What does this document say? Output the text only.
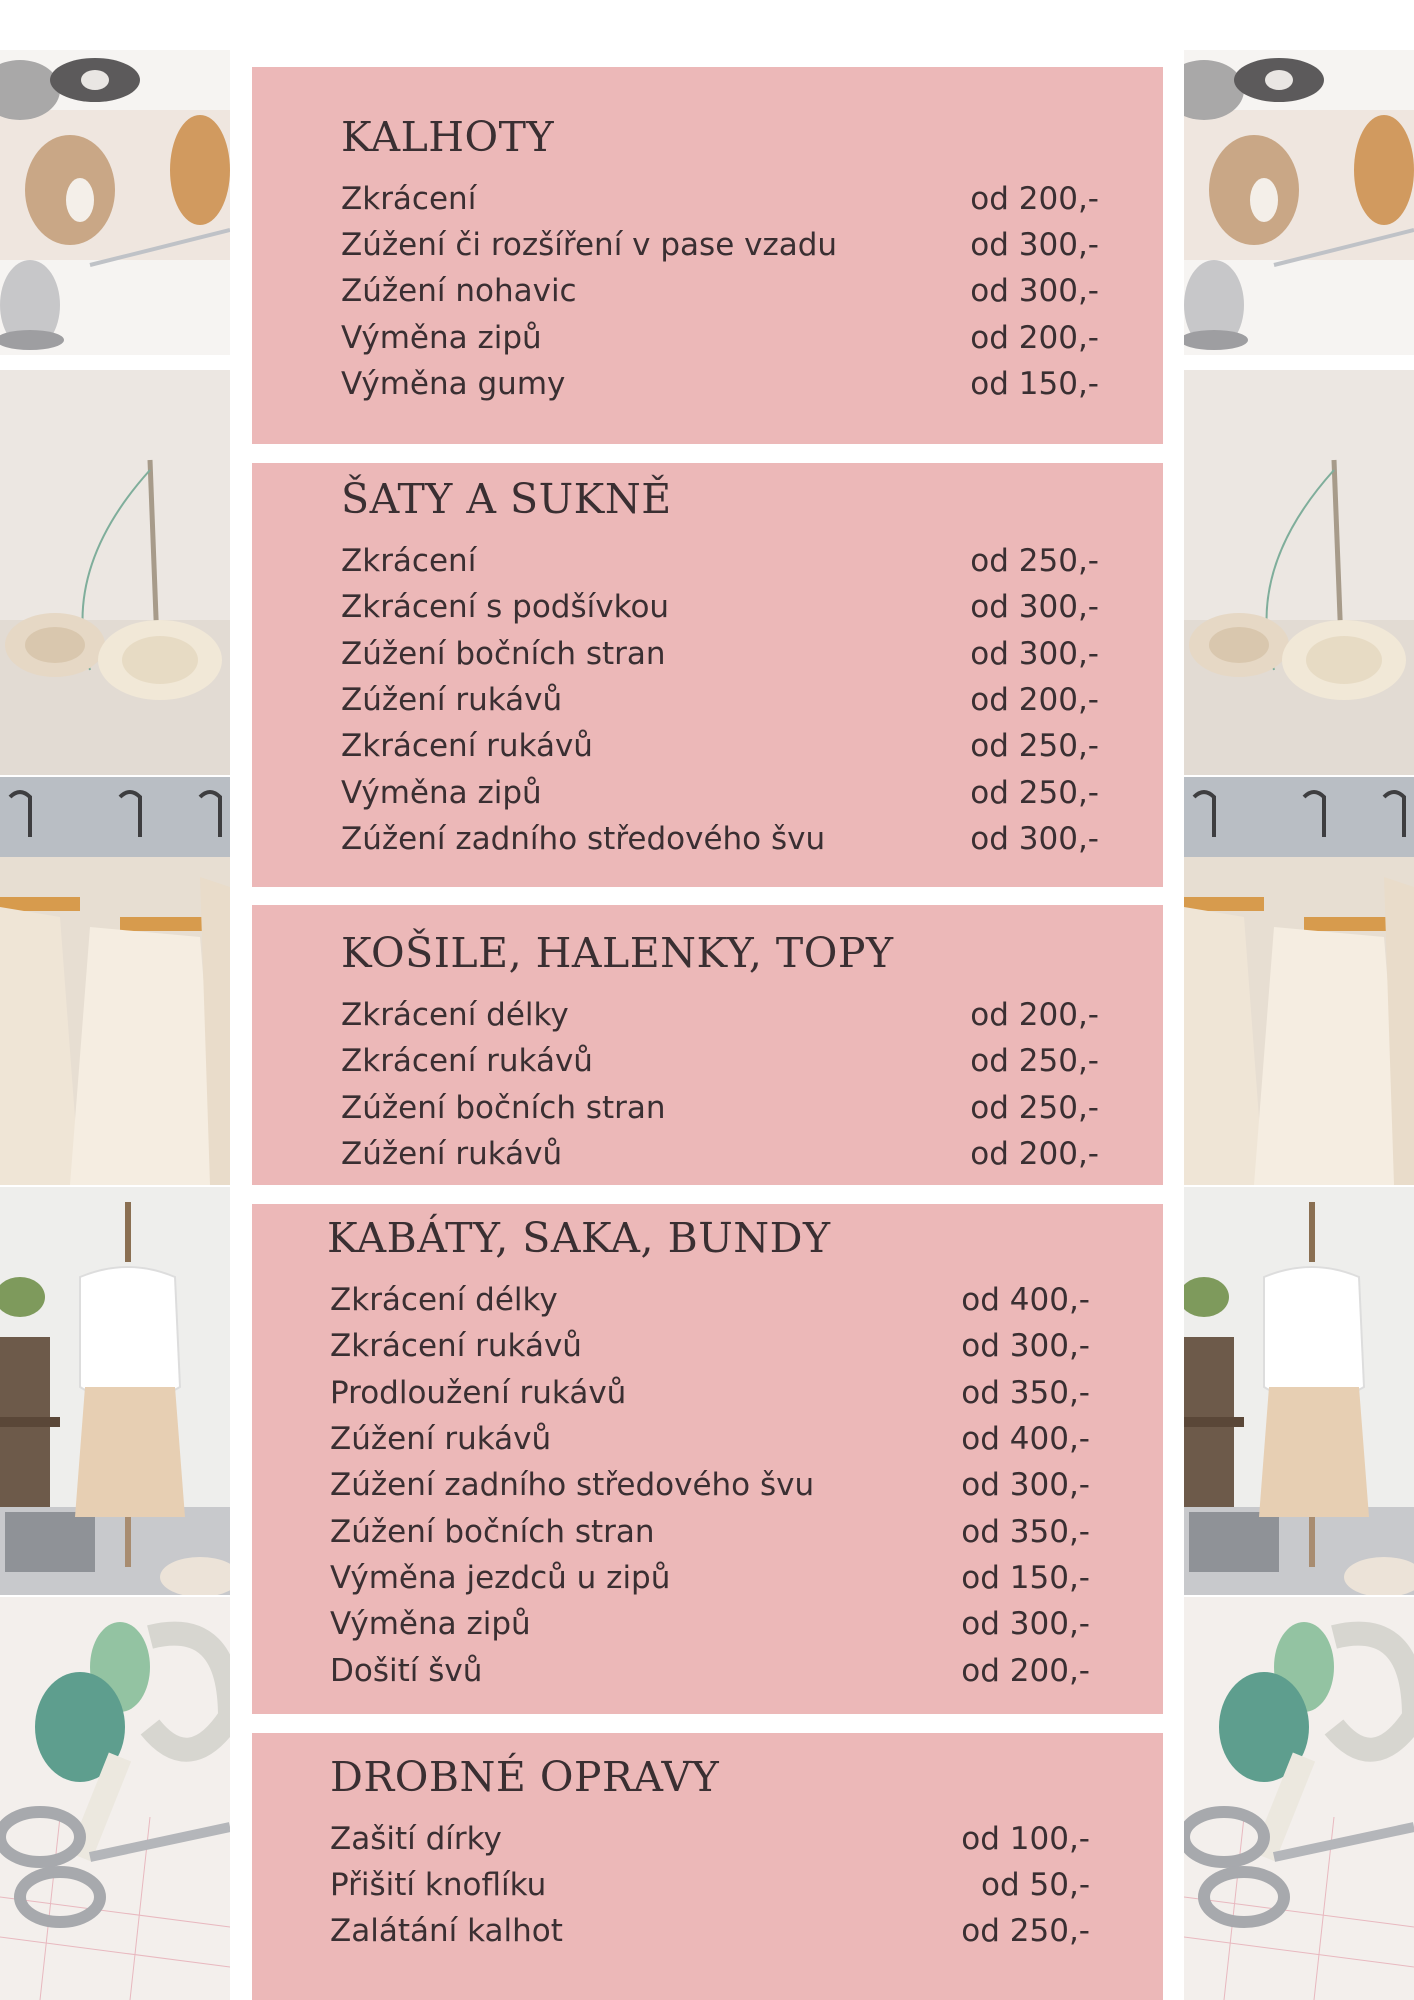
KALHOTY
Zkrácení	od 200,-
Zúžení či rozšíření v pase vzadu	od 300,-
Zúžení nohavic	od 300,-
Výměna zipů	od 200,-
Výměna gumy	od 150,-
ŠATY A SUKNĚ
Zkrácení	od 250,-
Zkrácení s podšívkou	od 300,-
Zúžení bočních stran	od 300,-
Zúžení rukávů	od 200,-
Zkrácení rukávů	od 250,-
Výměna zipů	od 250,-
Zúžení zadního středového švu	od 300,-
KOŠILE, HALENKY, TOPY
Zkrácení délky	od 200,-
Zkrácení rukávů	od 250,-
Zúžení bočních stran	od 250,-
Zúžení rukávů	od 200,-
KABÁTY, SAKA, BUNDY
Zkrácení délky	od 400,-
Zkrácení rukávů	od 300,-
Prodloužení rukávů	od 350,-
Zúžení rukávů	od 400,-
Zúžení zadního středového švu	od 300,-
Zúžení bočních stran	od 350,-
Výměna jezdců u zipů	od 150,-
Výměna zipů	od 300,-
Došití švů	od 200,-
DROBNÉ OPRAVY
Zašití dírky	od 100,-
Přišití knoflíku	od 50,-
Zalátání kalhot	od 250,-
